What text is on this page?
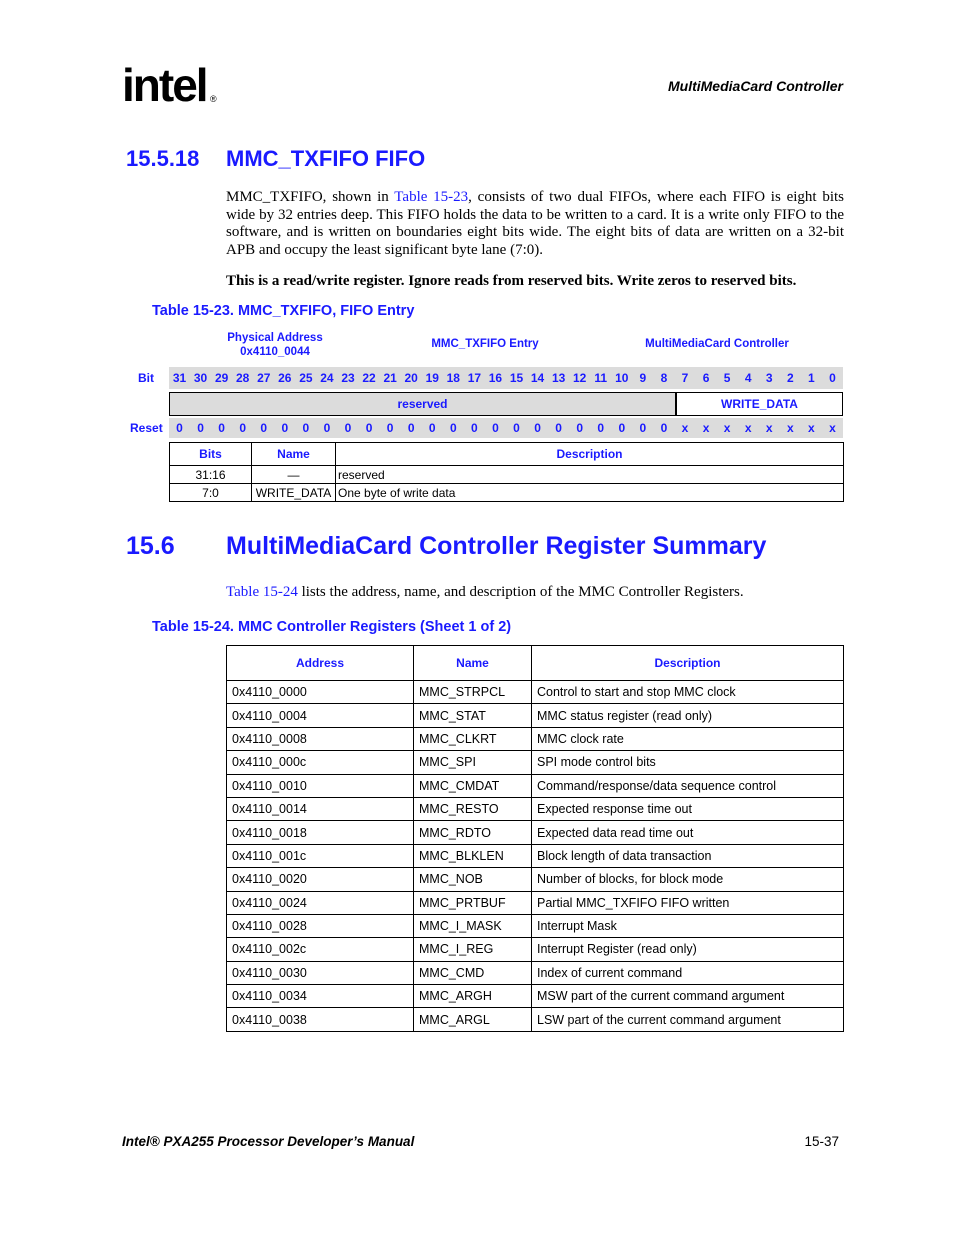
intel ®
MultiMediaCard Controller
15.5.18 MMC_TXFIFO FIFO
MMC_TXFIFO, shown in Table 15-23, consists of two dual FIFOs, where each FIFO is eight bits wide by 32 entries deep. This FIFO holds the data to be written to a card. It is a write only FIFO to the software, and is written on boundaries eight bits wide. The eight bits of data are written on a 32-bit APB and occupy the least significant byte lane (7:0).
This is a read/write register. Ignore reads from reserved bits. Write zeros to reserved bits.
Table 15-23. MMC_TXFIFO, FIFO Entry
Physical Address
0x4110_0044
MMC_TXFIFO Entry	MultiMediaCard Controller
Bit	31 30 29 28 27 26 25 24 23 22 21 20 19 18 17 16 15 14 13 12 11 10 9	8	7	6	5	4	3	2	1	0
reserved	WRITE_DATA
Reset	0	0	0	0	0	0	0	0	0	0	0	0	0	0	0	0	0	0	0	0	0	0	0	0	x	x	x	x	x	x	x	x
Bits	Name	Description
31:16	—	reserved
7:0	WRITE_DATA	One byte of write data
15.6 MultiMediaCard Controller Register Summary
Table 15-24 lists the address, name, and description of the MMC Controller Registers.
Table 15-24. MMC Controller Registers (Sheet 1 of 2)
Address	Name	Description
0x4110_0000	MMC_STRPCL	Control to start and stop MMC clock
0x4110_0004	MMC_STAT	MMC status register (read only)
0x4110_0008	MMC_CLKRT	MMC clock rate
0x4110_000c	MMC_SPI	SPI mode control bits
0x4110_0010	MMC_CMDAT	Command/response/data sequence control
0x4110_0014	MMC_RESTO	Expected response time out
0x4110_0018	MMC_RDTO	Expected data read time out
0x4110_001c	MMC_BLKLEN	Block length of data transaction
0x4110_0020	MMC_NOB	Number of blocks, for block mode
0x4110_0024	MMC_PRTBUF	Partial MMC_TXFIFO FIFO written
0x4110_0028	MMC_I_MASK	Interrupt Mask
0x4110_002c	MMC_I_REG	Interrupt Register (read only)
0x4110_0030	MMC_CMD	Index of current command
0x4110_0034	MMC_ARGH	MSW part of the current command argument
0x4110_0038	MMC_ARGL	LSW part of the current command argument
Intel® PXA255 Processor Developer’s Manual	15-37
